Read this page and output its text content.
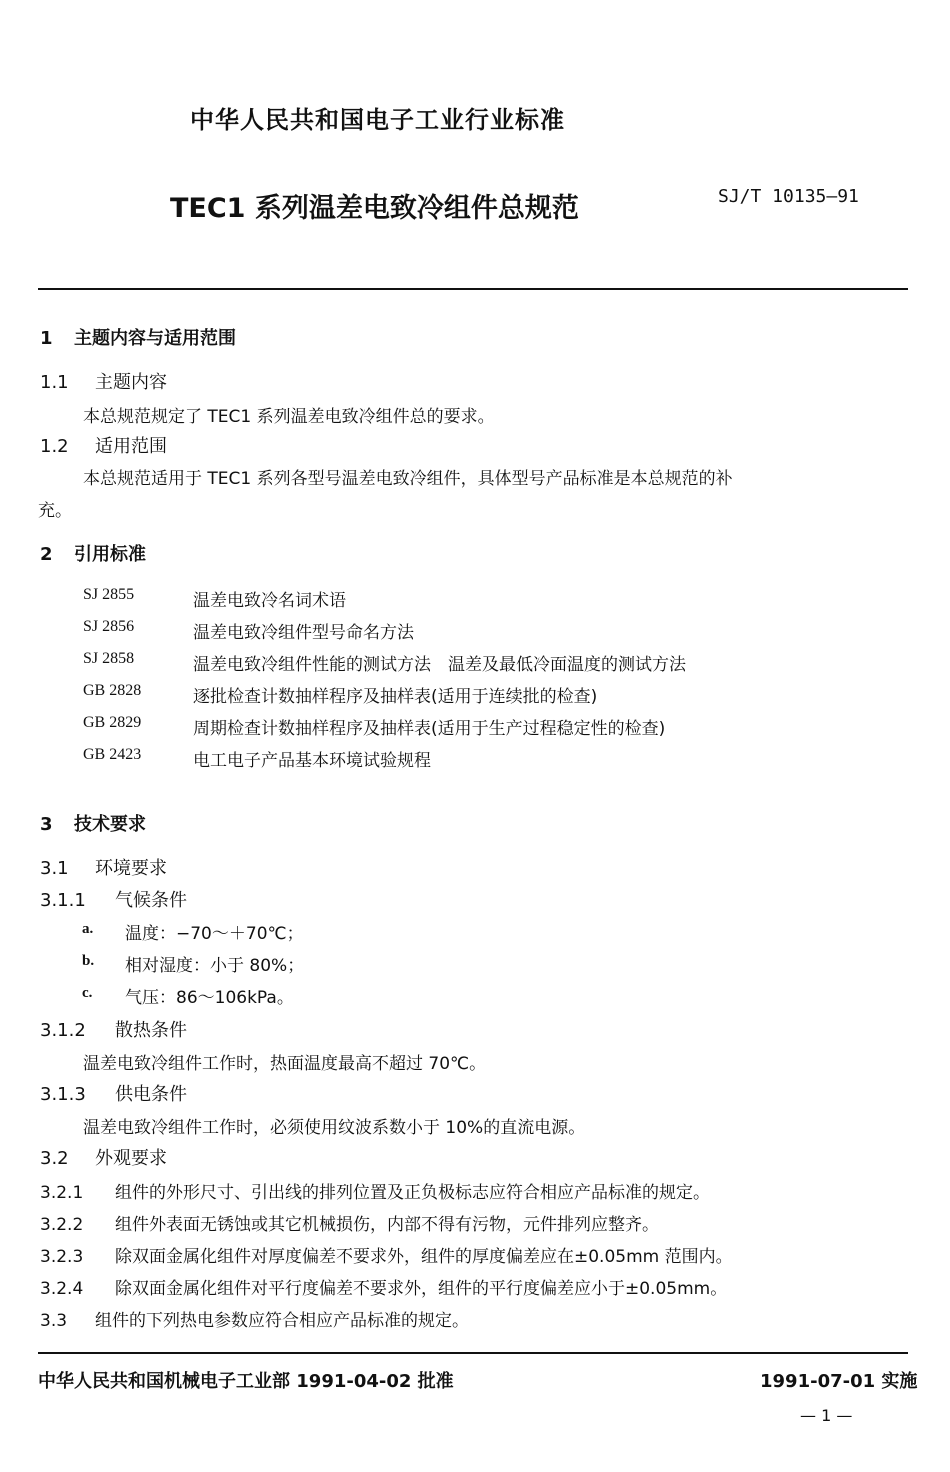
中华人民共和国电子工业行业标准
TEC1 系列温差电致冷组件总规范	SJ/T 10135—91
1 主题内容与适用范围
1.1 主题内容
本总规范规定了 TEC1 系列温差电致冷组件总的要求。
1.2 适用范围
本总规范适用于 TEC1 系列各型号温差电致冷组件，具体型号产品标准是本总规范的补
充。
2 引用标准
SJ 2855	温差电致冷名词术语
SJ 2856	温差电致冷组件型号命名方法
SJ 2858	温差电致冷组件性能的测试方法　温差及最低冷面温度的测试方法
GB 2828	逐批检查计数抽样程序及抽样表(适用于连续批的检查)
GB 2829	周期检查计数抽样程序及抽样表(适用于生产过程稳定性的检查)
GB 2423	电工电子产品基本环境试验规程
3 技术要求
3.1 环境要求
3.1.1 气候条件
a. 温度：−70～＋70℃；
b. 相对湿度：小于 80%；
c. 气压：86～106kPa。
3.1.2 散热条件
温差电致冷组件工作时，热面温度最高不超过 70℃。
3.1.3 供电条件
温差电致冷组件工作时，必须使用纹波系数小于 10%的直流电源。
3.2 外观要求
3.2.1 组件的外形尺寸、引出线的排列位置及正负极标志应符合相应产品标准的规定。
3.2.2 组件外表面无锈蚀或其它机械损伤，内部不得有污物，元件排列应整齐。
3.2.3 除双面金属化组件对厚度偏差不要求外，组件的厚度偏差应在±0.05mm 范围内。
3.2.4 除双面金属化组件对平行度偏差不要求外，组件的平行度偏差应小于±0.05mm。
3.3 组件的下列热电参数应符合相应产品标准的规定。
中华人民共和国机械电子工业部 1991-04-02 批准	1991-07-01 实施
— 1 —
